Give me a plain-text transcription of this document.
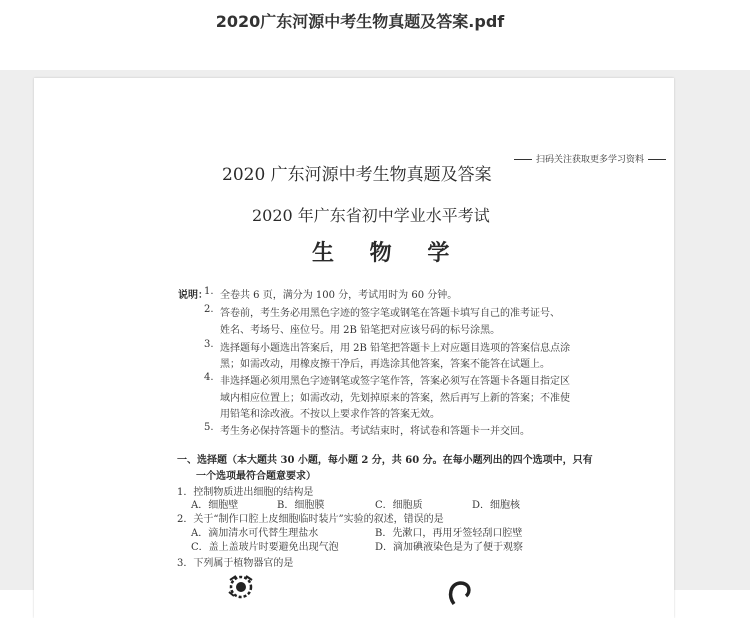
2020广东河源中考生物真题及答案.pdf
扫码关注获取更多学习资料
2020 广东河源中考生物真题及答案
2020 年广东省初中学业水平考试
生 物 学
说明：
1. 全卷共 6 页，满分为 100 分，考试用时为 60 分钟。
2. 答卷前，考生务必用黑色字迹的签字笔或钢笔在答题卡填写自己的准考证号、
姓名、考场号、座位号。用 2B 铅笔把对应该号码的标号涂黑。
3. 选择题每小题选出答案后，用 2B 铅笔把答题卡上对应题目选项的答案信息点涂
黑；如需改动，用橡皮擦干净后，再选涂其他答案，答案不能答在试题上。
4. 非选择题必须用黑色字迹钢笔或签字笔作答，答案必须写在答题卡各题目指定区
域内相应位置上；如需改动，先划掉原来的答案，然后再写上新的答案；不准使
用铅笔和涂改液。不按以上要求作答的答案无效。
5. 考生务必保持答题卡的整洁。考试结束时，将试卷和答题卡一并交回。
一、选择题（本大题共 30 小题，每小题 2 分，共 60 分。在每小题列出的四个选项中，只有
一个选项最符合题意要求）
1．控制物质进出细胞的结构是
A．细胞壁	B．细胞膜	C．细胞质	D．细胞核
2．关于“制作口腔上皮细胞临时装片”实验的叙述，错误的是
A．滴加清水可代替生理盐水	B．先漱口，再用牙签轻刮口腔壁
C．盖上盖玻片时要避免出现气泡	D．滴加碘液染色是为了便于观察
3．下列属于植物器官的是
